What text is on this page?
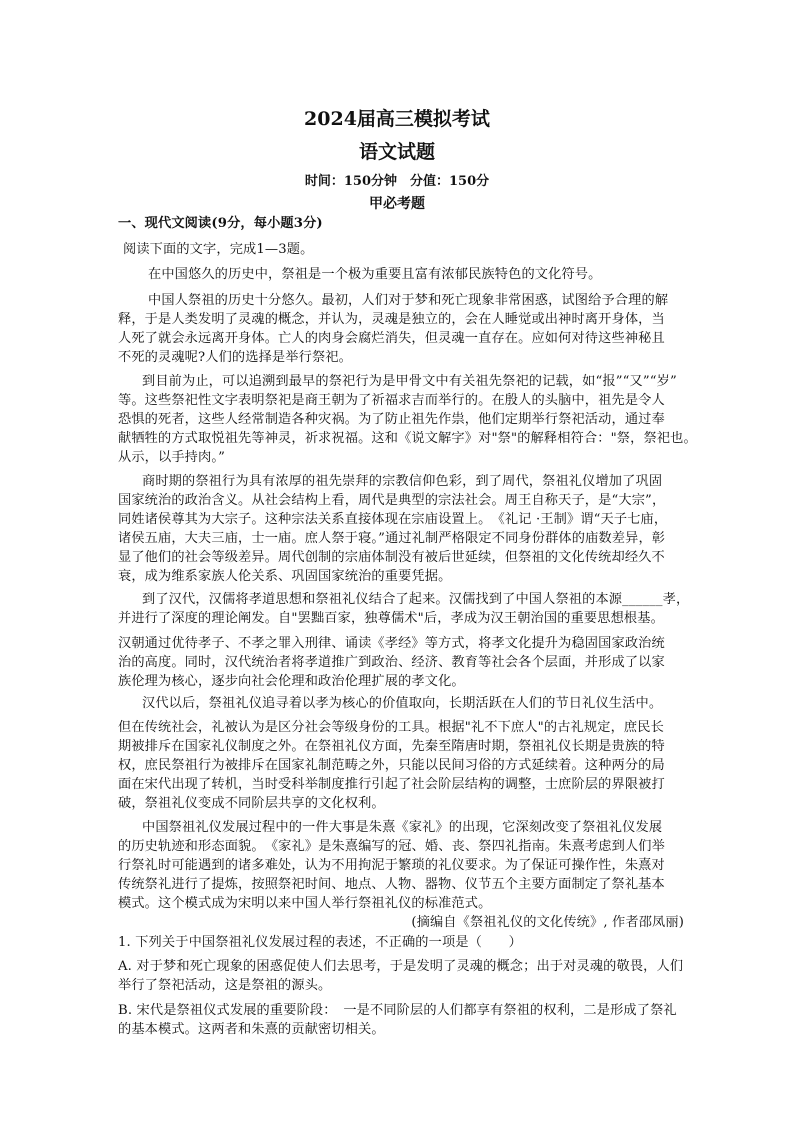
2024届高三模拟考试
语文试题
时间：150分钟　分值：150分
甲必考题
一、现代文阅读(9分，每小题3分)
阅读下面的文字，完成1—3题。
在中国悠久的历史中，祭祖是一个极为重要且富有浓郁民族特色的文化符号。
中国人祭祖的历史十分悠久。最初，人们对于梦和死亡现象非常困惑，试图给予合理的解
释，于是人类发明了灵魂的概念，并认为，灵魂是独立的，会在人睡觉或出神时离开身体，当
人死了就会永远离开身体。亡人的肉身会腐烂消失，但灵魂一直存在。应如何对待这些神秘且
不死的灵魂呢?人们的选择是举行祭祀。
到目前为止，可以追溯到最早的祭祀行为是甲骨文中有关祖先祭祀的记载，如“报”“又”“岁”
等。这些祭祀性文字表明祭祀是商王朝为了祈福求吉而举行的。在殷人的头脑中，祖先是令人
恐惧的死者，这些人经常制造各种灾祸。为了防止祖先作祟，他们定期举行祭祀活动，通过奉
献牺牲的方式取悦祖先等神灵，祈求祝福。这和《说文解字》对"祭"的解释相符合："祭，祭祀也。
从示，以手持肉。”
商时期的祭祖行为具有浓厚的祖先崇拜的宗教信仰色彩，到了周代，祭祖礼仪增加了巩固
国家统治的政治含义。从社会结构上看，周代是典型的宗法社会。周王自称天子，是“大宗”，
同姓诸侯尊其为大宗子。这种宗法关系直接体现在宗庙设置上。　《礼记 ·王制》谓“天子七庙，
诸侯五庙，大夫三庙，士一庙。庶人祭于寝。”通过礼制严格限定不同身份群体的庙数差异，彰
显了他们的社会等级差异。周代创制的宗庙体制没有被后世延续，但祭祖的文化传统却经久不
衰，成为维系家族人伦关系、巩固国家统治的重要凭据。
到了汉代，汉儒将孝道思想和祭祖礼仪结合了起来。汉儒找到了中国人祭祖的本源______孝，
并进行了深度的理论阐发。自"罢黜百家，独尊儒术"后，孝成为汉王朝治国的重要思想根基。
汉朝通过优待孝子、不孝之罪入刑律、诵读《孝经》等方式，将孝文化提升为稳固国家政治统
治的高度。同时，汉代统治者将孝道推广到政治、经济、教育等社会各个层面，并形成了以家
族伦理为核心，逐步向社会伦理和政治伦理扩展的孝文化。
汉代以后，祭祖礼仪追寻着以孝为核心的价值取向，长期活跃在人们的节日礼仪生活中。
但在传统社会，礼被认为是区分社会等级身份的工具。根据"礼不下庶人"的古礼规定，庶民长
期被排斥在国家礼仪制度之外。在祭祖礼仪方面，先秦至隋唐时期，祭祖礼仪长期是贵族的特
权，庶民祭祖行为被排斥在国家礼制范畴之外，只能以民间习俗的方式延续着。这种两分的局
面在宋代出现了转机，当时受科举制度推行引起了社会阶层结构的调整，士庶阶层的界限被打
破，祭祖礼仪变成不同阶层共享的文化权利。
中国祭祖礼仪发展过程中的一件大事是朱熹《家礼》的出现，它深刻改变了祭祖礼仪发展
的历史轨迹和形态面貌。　《家礼》是朱熹编写的冠、婚、丧、祭四礼指南。朱熹考虑到人们举
行祭礼时可能遇到的诸多难处，认为不用拘泥于繁琐的礼仪要求。为了保证可操作性，朱熹对
传统祭礼进行了提炼，按照祭祀时间、地点、人物、器物、仪节五个主要方面制定了祭礼基本
模式。这个模式成为宋明以来中国人举行祭祖礼仪的标准范式。
(摘编自《祭祖礼仪的文化传统》, 作者邵凤丽)
1. 下列关于中国祭祖礼仪发展过程的表述，不正确的一项是（　　）
A. 对于梦和死亡现象的困惑促使人们去思考，于是发明了灵魂的概念；出于对灵魂的敬畏，人们
举行了祭祀活动，这是祭祖的源头。
B. 宋代是祭祖仪式发展的重要阶段：　一是不同阶层的人们都享有祭祖的权利，二是形成了祭礼
的基本模式。这两者和朱熹的贡献密切相关。
